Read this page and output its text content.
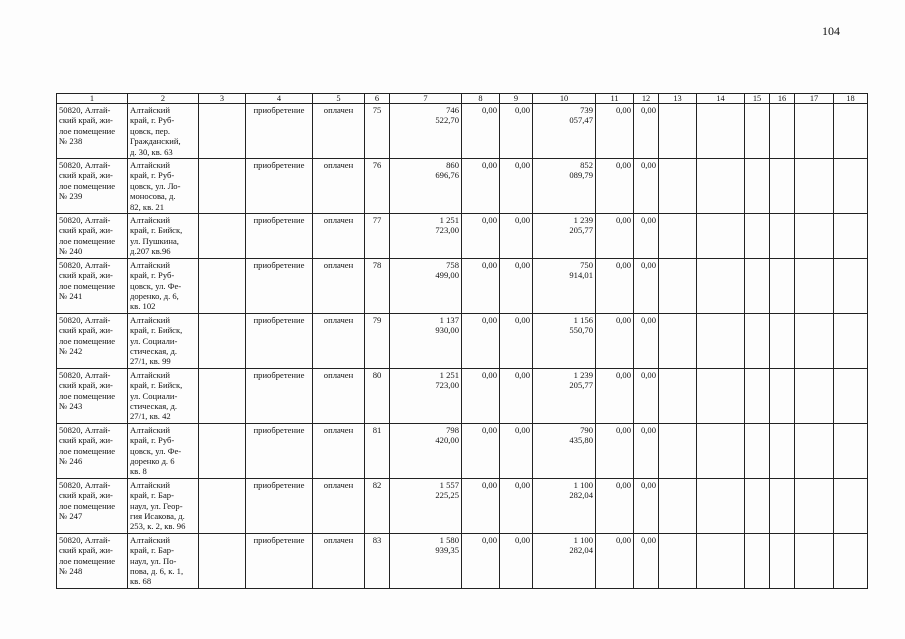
104
1	2	3	4	5	6	7	8	9	10	11	12	13	14	15	16	17	18

50820, Алтай-
ский край, жи-
лое помещение
№ 238	Алтайский
край, г. Руб-
цовск, пер.
Гражданский,
д. 30, кв. 63		приобретение	оплачен	75	746
522,70	0,00	0,00	739
057,47	0,00	0,00						

50820, Алтай-
ский край, жи-
лое помещение
№ 239	Алтайский
край, г. Руб-
цовск, ул. Ло-
моносова, д.
82, кв. 21		приобретение	оплачен	76	860
696,76	0,00	0,00	852
089,79	0,00	0,00						

50820, Алтай-
ский край, жи-
лое помещение
№ 240	Алтайский
край, г. Бийск,
ул. Пушкина,
д.207 кв.96		приобретение	оплачен	77	1 251
723,00	0,00	0,00	1 239
205,77	0,00	0,00						

50820, Алтай-
ский край, жи-
лое помещение
№ 241	Алтайский
край, г. Руб-
цовск, ул. Фе-
доренко, д. 6,
кв. 102		приобретение	оплачен	78	758
499,00	0,00	0,00	750
914,01	0,00	0,00						

50820, Алтай-
ский край, жи-
лое помещение
№ 242	Алтайский
край, г. Бийск,
ул. Социали-
стическая, д.
27/1, кв. 99		приобретение	оплачен	79	1 137
930,00	0,00	0,00	1 156
550,70	0,00	0,00						

50820, Алтай-
ский край, жи-
лое помещение
№ 243	Алтайский
край, г. Бийск,
ул. Социали-
стическая, д.
27/1, кв. 42		приобретение	оплачен	80	1 251
723,00	0,00	0,00	1 239
205,77	0,00	0,00						

50820, Алтай-
ский край, жи-
лое помещение
№ 246	Алтайский
край, г. Руб-
цовск, ул. Фе-
доренко д. 6
кв. 8		приобретение	оплачен	81	798
420,00	0,00	0,00	790
435,80	0,00	0,00						

50820, Алтай-
ский край, жи-
лое помещение
№ 247	Алтайский
край, г. Бар-
наул, ул. Геор-
гия Исакова, д.
253, к. 2, кв. 96		приобретение	оплачен	82	1 557
225,25	0,00	0,00	1 100
282,04	0,00	0,00						

50820, Алтай-
ский край, жи-
лое помещение
№ 248	Алтайский
край, г. Бар-
наул, ул. По-
пова, д. 6, к. 1,
кв. 68		приобретение	оплачен	83	1 580
939,35	0,00	0,00	1 100
282,04	0,00	0,00						
